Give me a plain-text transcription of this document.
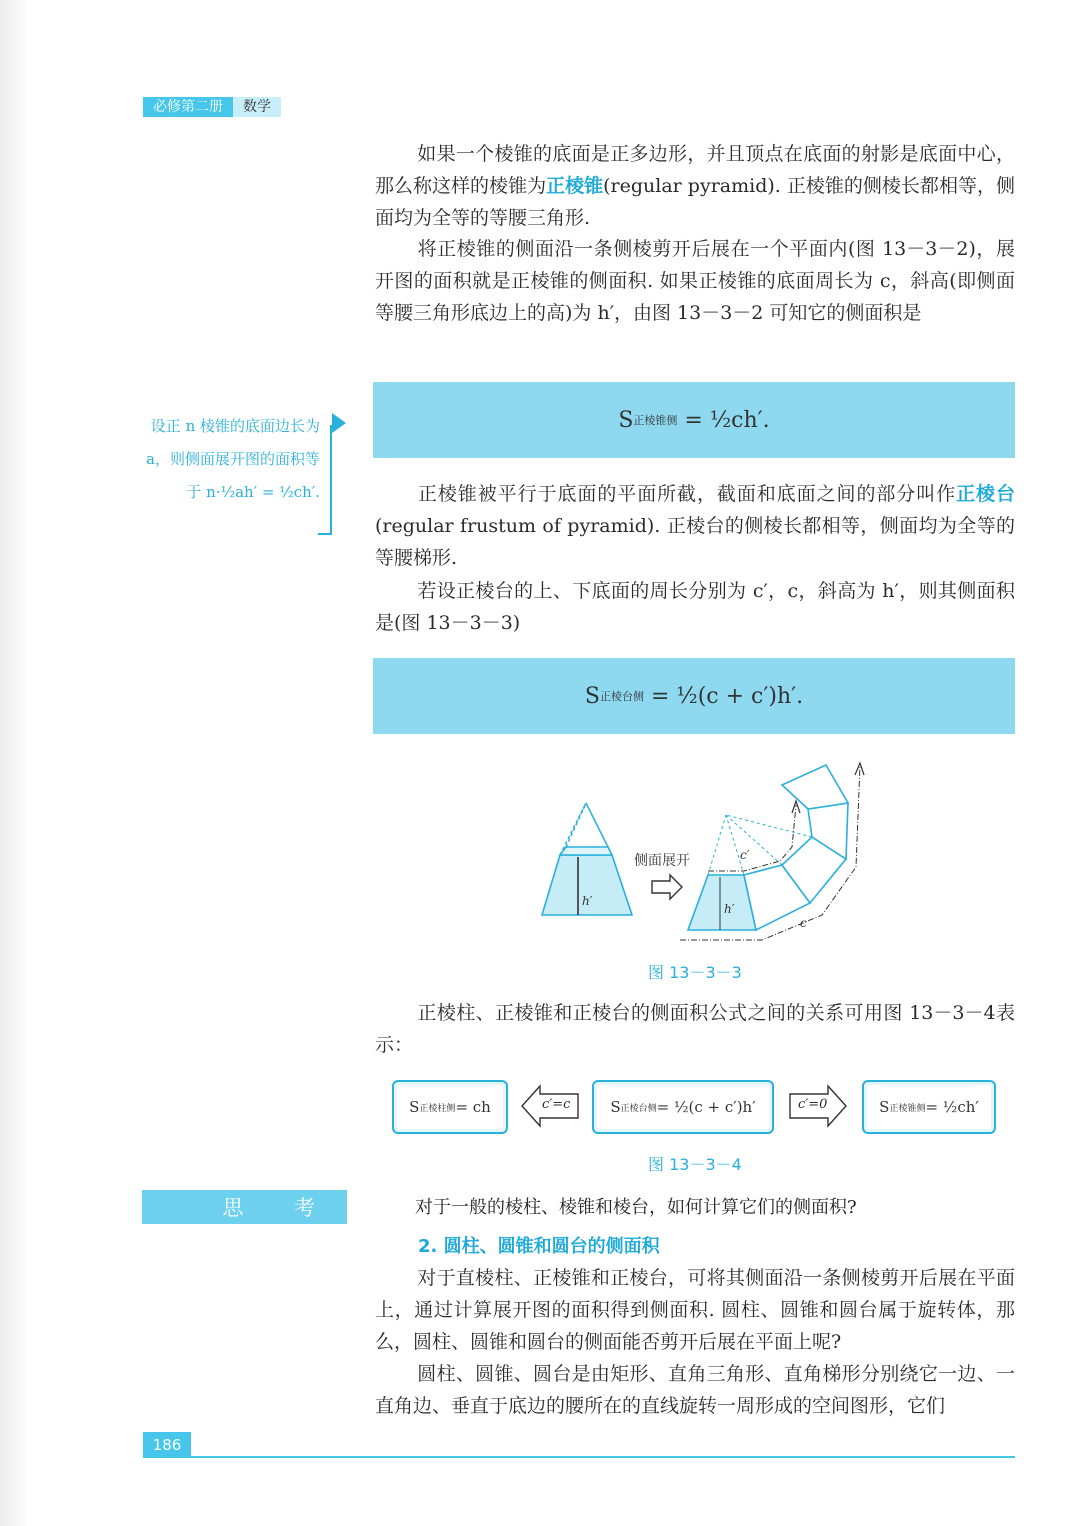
必修第二册	数学

如果一个棱锥的底面是正多边形，并且顶点在底面的射影是底面中心，那么称这样的棱锥为正棱锥(regular pyramid). 正棱锥的侧棱长都相等，侧面均为全等的等腰三角形.

将正棱锥的侧面沿一条侧棱剪开后展在一个平面内(图 13－3－2)，展开图的面积就是正棱锥的侧面积. 如果正棱锥的底面周长为 c，斜高(即侧面等腰三角形底边上的高)为 h′，由图 13－3－2 可知它的侧面积是

S 正棱锥侧
= ½ch′.
设正 n 棱锥的底面边长为 a，则侧面展开图的面积等于 n·½ah′ = ½ch′.	正棱锥被平行于底面的平面所截，截面和底面之间的部分叫作正棱台(regular frustum of pyramid). 正棱台的侧棱长都相等，侧面均为全等的等腰梯形.

若设正棱台的上、下底面的周长分别为 c′，c，斜高为 h′，则其侧面积是(图 13－3－3)

S 正棱台侧
= ½(c + c′)h′.
h′
侧面展开
h′
c′
c
图 13－3－3

正棱柱、正棱锥和正棱台的侧面积公式之间的关系可用图 13－3－4表示：

S 正棱柱侧 = ch	c′=c	S 正棱台侧 = ½(c + c′)h′	c′=0	S 正棱锥侧 = ½ch′
图 13－3－4
思 考	对于一般的棱柱、棱锥和棱台，如何计算它们的侧面积?
2. 圆柱、圆锥和圆台的侧面积

对于直棱柱、正棱锥和正棱台，可将其侧面沿一条侧棱剪开后展在平面上，通过计算展开图的面积得到侧面积. 圆柱、圆锥和圆台属于旋转体，那么，圆柱、圆锥和圆台的侧面能否剪开后展在平面上呢?

圆柱、圆锥、圆台是由矩形、直角三角形、直角梯形分别绕它一边、一直角边、垂直于底边的腰所在的直线旋转一周形成的空间图形，它们

186
